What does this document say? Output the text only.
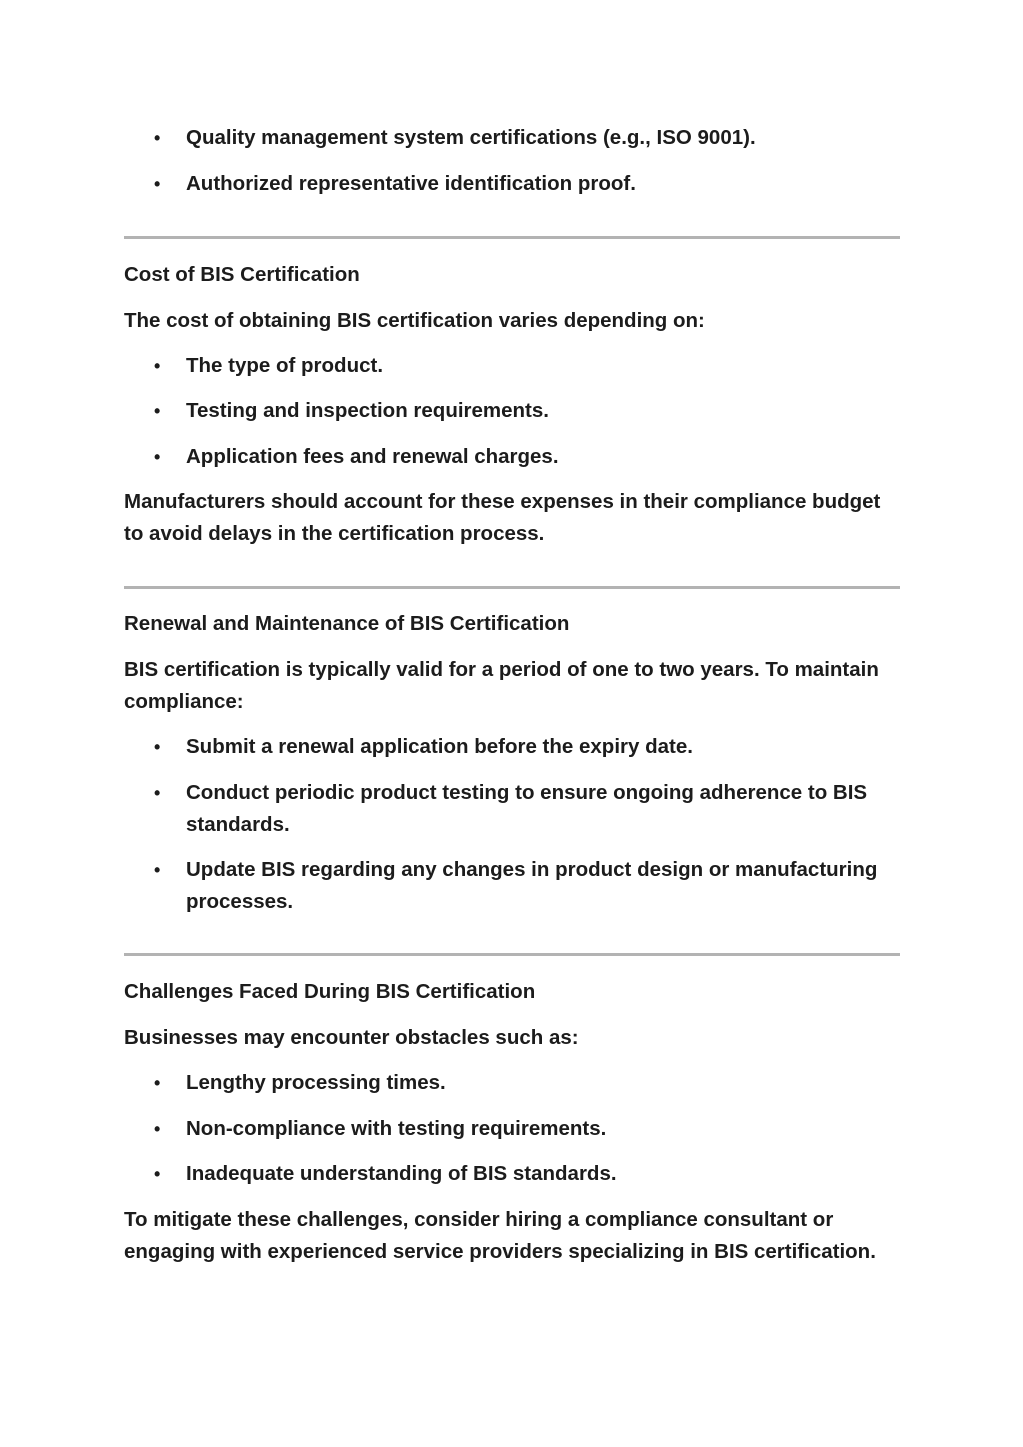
• Quality management system certifications (e.g., ISO 9001).
• Authorized representative identification proof.

Cost of BIS Certification

The cost of obtaining BIS certification varies depending on:

• The type of product.
• Testing and inspection requirements.
• Application fees and renewal charges.

Manufacturers should account for these expenses in their compliance budget to avoid delays in the certification process.

Renewal and Maintenance of BIS Certification

BIS certification is typically valid for a period of one to two years. To maintain compliance:

• Submit a renewal application before the expiry date.
• Conduct periodic product testing to ensure ongoing adherence to BIS standards.
• Update BIS regarding any changes in product design or manufacturing processes.

Challenges Faced During BIS Certification

Businesses may encounter obstacles such as:

• Lengthy processing times.
• Non-compliance with testing requirements.
• Inadequate understanding of BIS standards.

To mitigate these challenges, consider hiring a compliance consultant or engaging with experienced service providers specializing in BIS certification.
